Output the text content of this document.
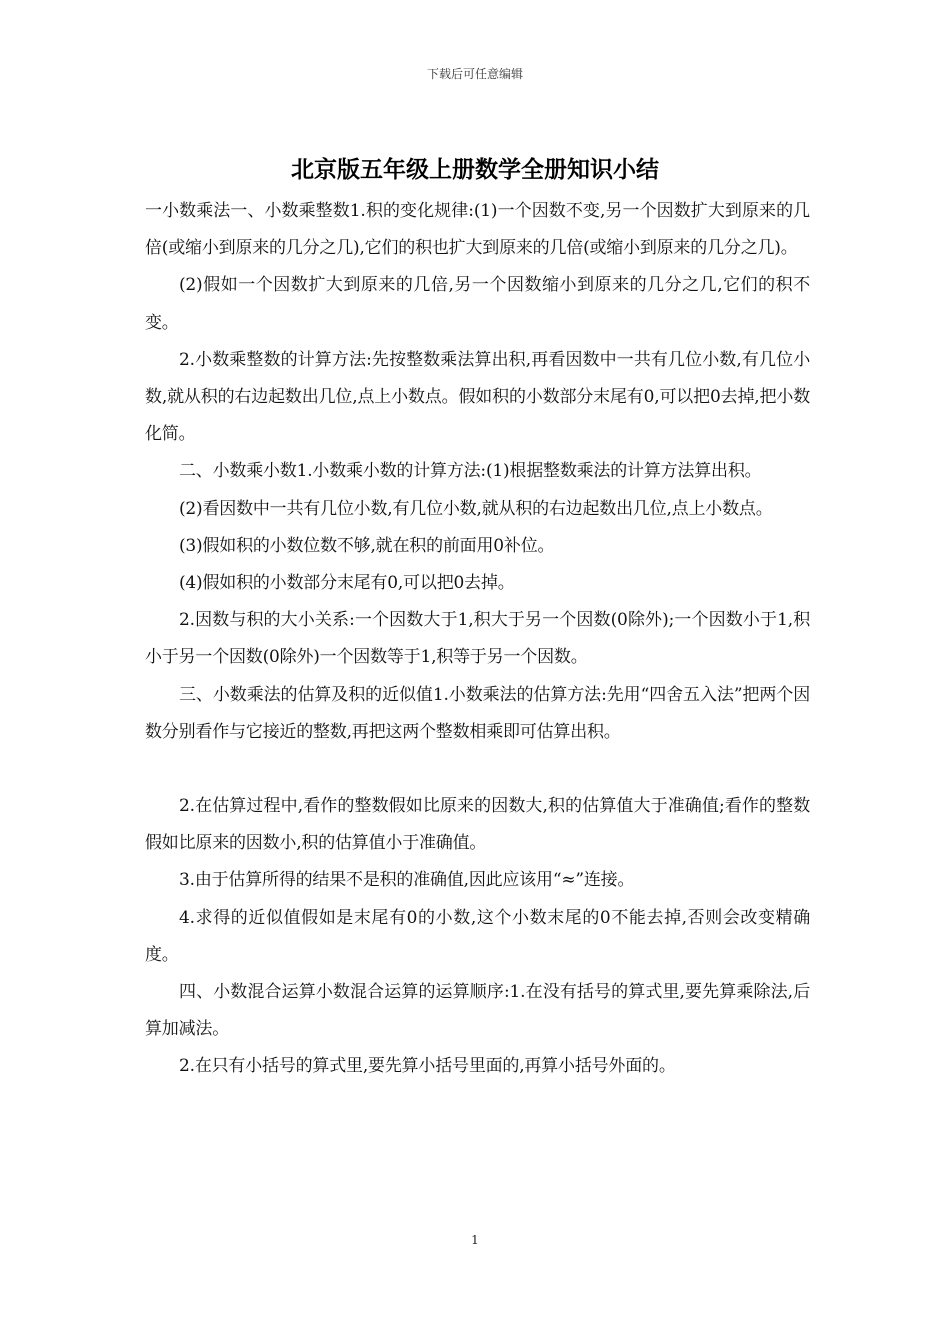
下载后可任意编辑
北京版五年级上册数学全册知识小结

一小数乘法一、小数乘整数1.积的变化规律:(1)一个因数不变,另一个因数扩大到原来的几倍(或缩小到原来的几分之几),它们的积也扩大到原来的几倍(或缩小到原来的几分之几)。

(2)假如一个因数扩大到原来的几倍,另一个因数缩小到原来的几分之几,它们的积不变。

2.小数乘整数的计算方法:先按整数乘法算出积,再看因数中一共有几位小数,有几位小数,就从积的右边起数出几位,点上小数点。假如积的小数部分末尾有0,可以把0去掉,把小数化简。

二、小数乘小数1.小数乘小数的计算方法:(1)根据整数乘法的计算方法算出积。

(2)看因数中一共有几位小数,有几位小数,就从积的右边起数出几位,点上小数点。

(3)假如积的小数位数不够,就在积的前面用0补位。

(4)假如积的小数部分末尾有0,可以把0去掉。

2.因数与积的大小关系:一个因数大于1,积大于另一个因数(0除外);一个因数小于1,积小于另一个因数(0除外)一个因数等于1,积等于另一个因数。

三、小数乘法的估算及积的近似值1.小数乘法的估算方法:先用“四舍五入法”把两个因数分别看作与它接近的整数,再把这两个整数相乘即可估算出积。

2.在估算过程中,看作的整数假如比原来的因数大,积的估算值大于准确值;看作的整数假如比原来的因数小,积的估算值小于准确值。

3.由于估算所得的结果不是积的准确值,因此应该用“≈”连接。

4.求得的近似值假如是末尾有0的小数,这个小数末尾的0不能去掉,否则会改变精确度。

四、小数混合运算小数混合运算的运算顺序:1.在没有括号的算式里,要先算乘除法,后算加减法。

2.在只有小括号的算式里,要先算小括号里面的,再算小括号外面的。

1
